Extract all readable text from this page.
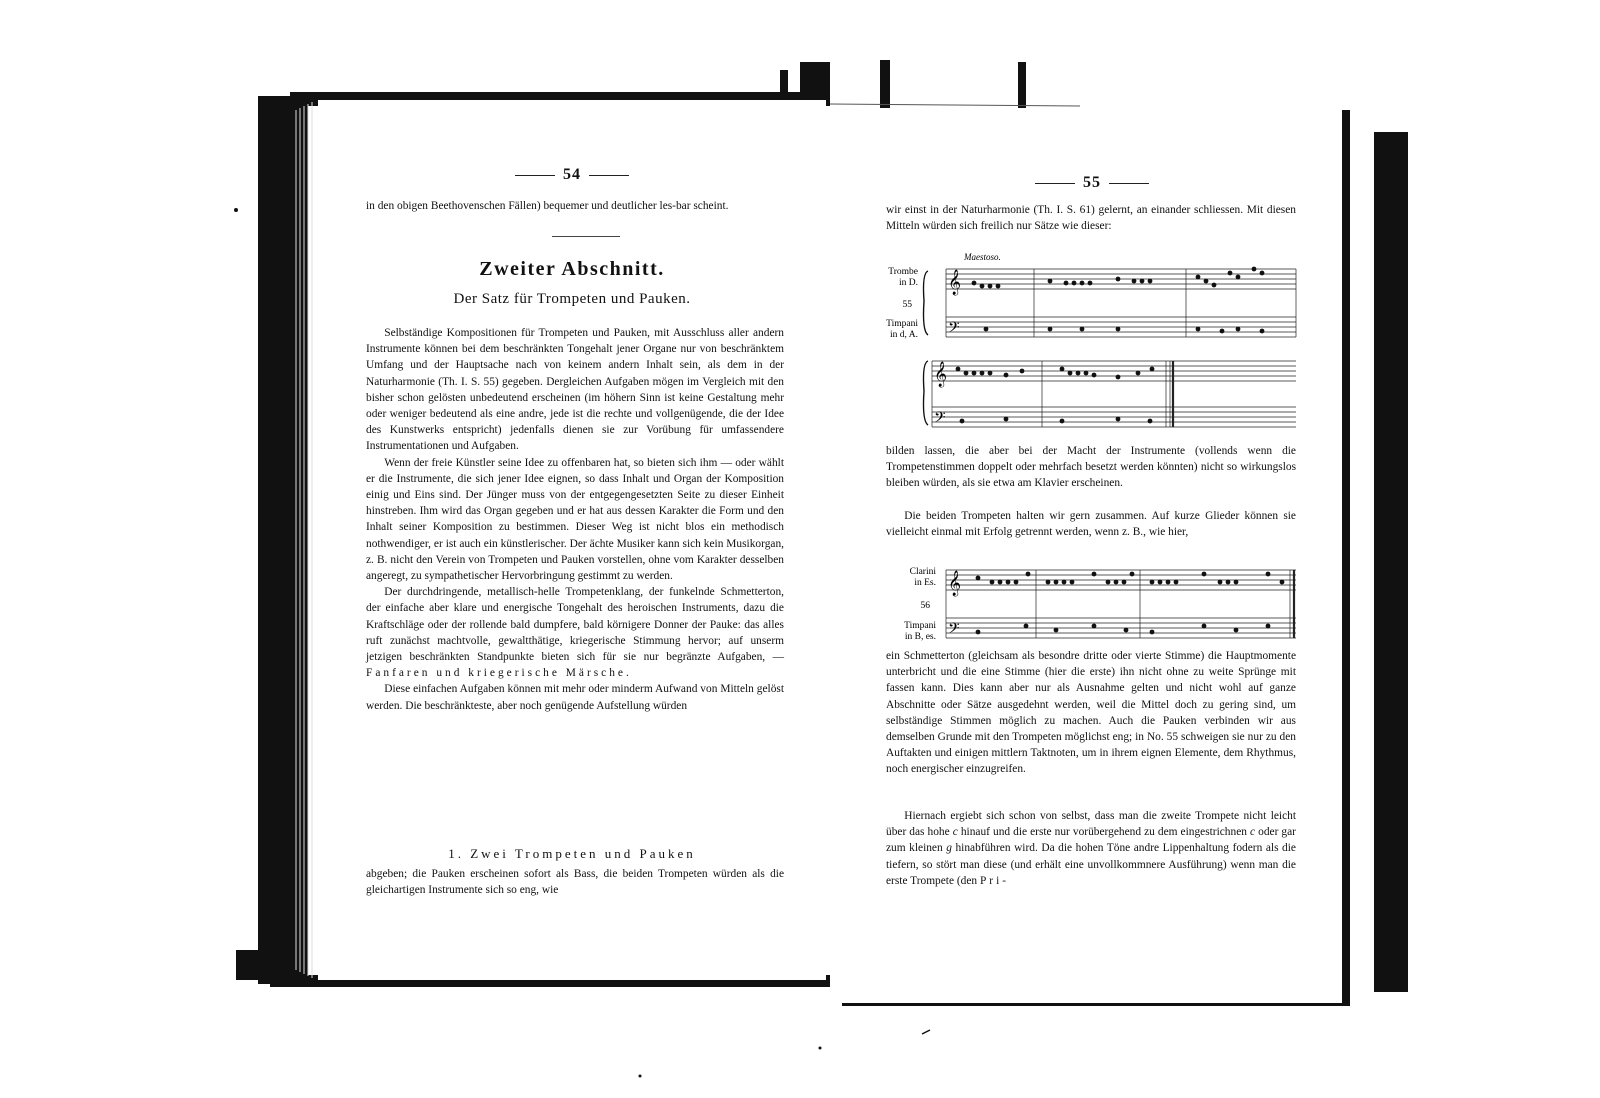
54

in den obigen Beethovenschen Fällen) bequemer und deutlicher les-bar scheint.

Zweiter Abschnitt.
Der Satz für Trompeten und Pauken.

Selbständige Kompositionen für Trompeten und Pauken, mit Ausschluss aller andern Instrumente können bei dem beschränkten Tongehalt jener Organe nur von beschränktem Umfang und der Hauptsache nach von keinem andern Inhalt sein, als dem in der Naturharmonie (Th. I. S. 55) gegeben. Dergleichen Aufgaben mögen im Vergleich mit den bisher schon gelösten unbedeutend erscheinen (im höhern Sinn ist keine Gestaltung mehr oder weniger bedeutend als eine andre, jede ist die rechte und vollgenügende, die der Idee des Kunstwerks entspricht) jedenfalls dienen sie zur Vorübung für umfassendere Instrumentationen und Aufgaben.

Wenn der freie Künstler seine Idee zu offenbaren hat, so bieten sich ihm — oder wählt er die Instrumente, die sich jener Idee eignen, so dass Inhalt und Organ der Komposition einig und Eins sind. Der Jünger muss von der entgegengesetzten Seite zu dieser Einheit hinstreben. Ihm wird das Organ gegeben und er hat aus dessen Karakter die Form und den Inhalt seiner Komposition zu bestimmen. Dieser Weg ist nicht blos ein methodisch nothwendiger, er ist auch ein künstlerischer. Der ächte Musiker kann sich kein Musikorgan, z. B. nicht den Verein von Trompeten und Pauken vorstellen, ohne vom Karakter desselben angeregt, zu sympathetischer Hervorbringung gestimmt zu werden.

Der durchdringende, metallisch-helle Trompetenklang, der funkelnde Schmetterton, der einfache aber klare und energische Tongehalt des heroischen Instruments, dazu die Kraftschläge oder der rollende bald dumpfere, bald körnigere Donner der Pauke: das alles ruft zunächst machtvolle, gewaltthätige, kriegerische Stimmung hervor; auf unserm jetzigen beschränkten Standpunkte bieten sich für sie nur begränzte Aufgaben, — Fanfaren und kriegerische Märsche.

Diese einfachen Aufgaben können mit mehr oder minderm Aufwand von Mitteln gelöst werden. Die beschränkteste, aber noch genügende Aufstellung würden

1. Zwei Trompeten und Pauken

abgeben; die Pauken erscheinen sofort als Bass, die beiden Trompeten würden als die gleichartigen Instrumente sich so eng, wie

55

wir einst in der Naturharmonie (Th. I. S. 61) gelernt, an einander schliessen. Mit diesen Mitteln würden sich freilich nur Sätze wie dieser:

Maestoso.
Trombe
in D.
55
Timpani
in d, A.
𝄞
𝄢
𝄞
𝄢

bilden lassen, die aber bei der Macht der Instrumente (vollends wenn die Trompetenstimmen doppelt oder mehrfach besetzt werden könnten) nicht so wirkungslos bleiben würden, als sie etwa am Klavier erscheinen.

Die beiden Trompeten halten wir gern zusammen. Auf kurze Glieder können sie vielleicht einmal mit Erfolg getrennt werden, wenn z. B., wie hier,

Clarini
in Es.
56
Timpani
in B, es.
𝄞
𝄢

ein Schmetterton (gleichsam als besondre dritte oder vierte Stimme) die Hauptmomente unterbricht und die eine Stimme (hier die erste) ihn nicht ohne zu weite Sprünge mit fassen kann. Dies kann aber nur als Ausnahme gelten und nicht wohl auf ganze Abschnitte oder Sätze ausgedehnt werden, weil die Mittel doch zu gering sind, um selbständige Stimmen möglich zu machen. Auch die Pauken verbinden wir aus demselben Grunde mit den Trompeten möglichst eng; in No. 55 schweigen sie nur zu den Auftakten und einigen mittlern Taktnoten, um in ihrem eignen Elemente, dem Rhythmus, noch energischer einzugreifen.

Hiernach ergiebt sich schon von selbst, dass man die zweite Trompete nicht leicht über das hohe c hinauf und die erste nur vorübergehend zu dem eingestrichnen c oder gar zum kleinen g hinabführen wird. Da die hohen Töne andre Lippenhaltung fodern als die tiefern, so stört man diese (und erhält eine unvollkommnere Ausführung) wenn man die erste Trompete (den Pri-
